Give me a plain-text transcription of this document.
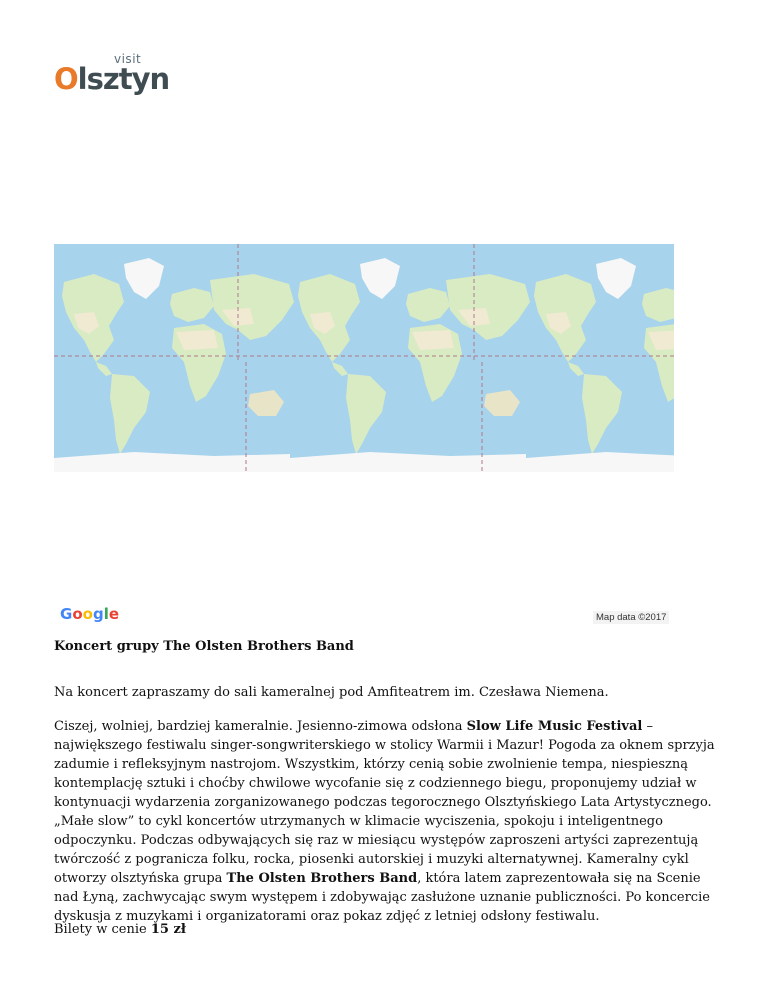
visit
Olsztyn
Google	Map data ©2017
Koncert grupy The Olsten Brothers Band
Na koncert zapraszamy do sali kameralnej pod Amfiteatrem im. Czesława Niemena.
Ciszej, wolniej, bardziej kameralnie. Jesienno-zimowa odsłona Slow Life Music Festival – największego festiwalu singer-songwriterskiego w stolicy Warmii i Mazur! Pogoda za oknem sprzyja zadumie i refleksyjnym nastrojom. Wszystkim, którzy cenią sobie zwolnienie tempa, niespieszną kontemplację sztuki i choćby chwilowe wycofanie się z codziennego biegu, proponujemy udział w kontynuacji wydarzenia zorganizowanego podczas tegorocznego Olsztyńskiego Lata Artystycznego. „Małe slow” to cykl koncertów utrzymanych w klimacie wyciszenia, spokoju i inteligentnego odpoczynku. Podczas odbywających się raz w miesiącu występów zaproszeni artyści zaprezentują twórczość z pogranicza folku, rocka, piosenki autorskiej i muzyki alternatywnej. Kameralny cykl otworzy olsztyńska grupa The Olsten Brothers Band, która latem zaprezentowała się na Scenie nad Łyną, zachwycając swym występem i zdobywając zasłużone uznanie publiczności. Po koncercie dyskusja z muzykami i organizatorami oraz pokaz zdjęć z letniej odsłony festiwalu.
Bilety w cenie 15 zł
